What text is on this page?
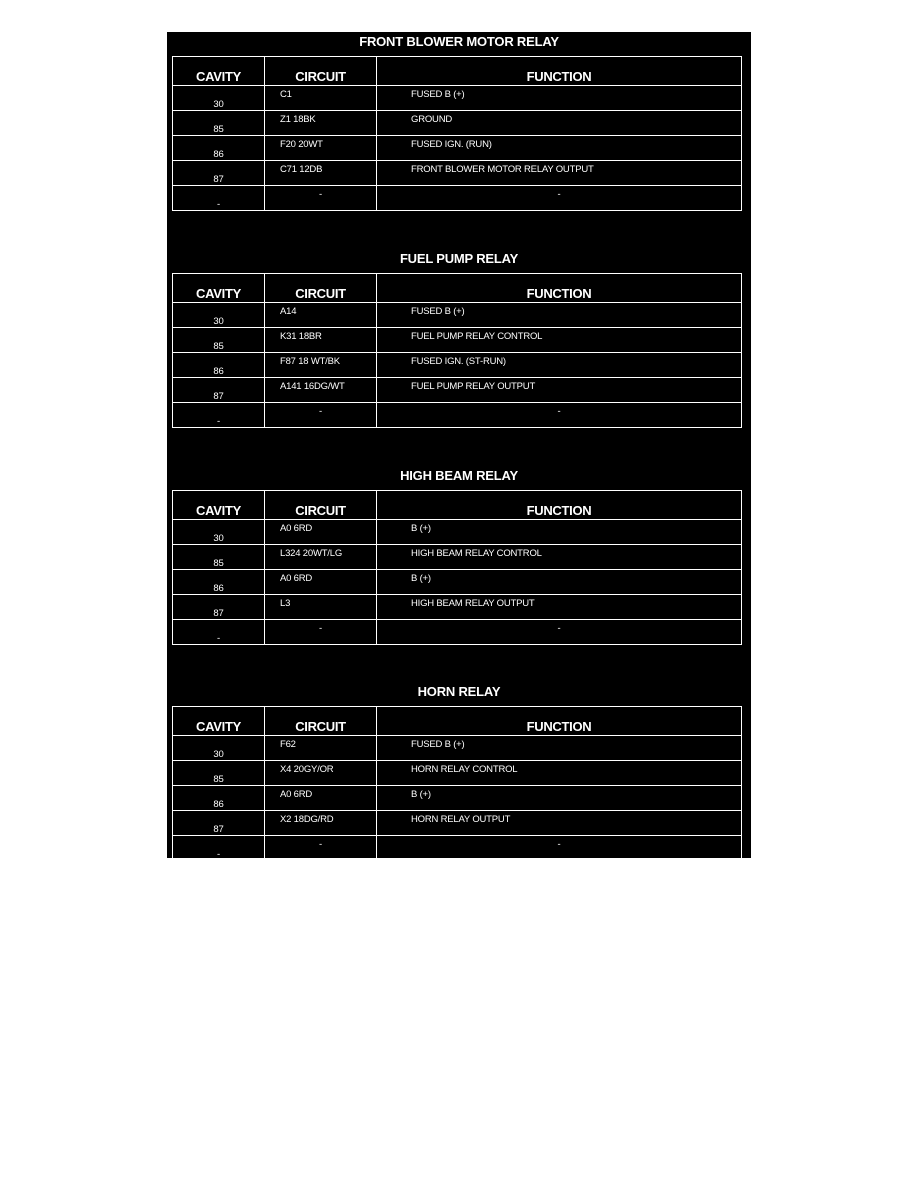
FRONT BLOWER MOTOR RELAY
CAVITY	CIRCUIT	FUNCTION
30	C1	FUSED B (+)
85	Z1 18BK	GROUND
86	F20 20WT	FUSED IGN. (RUN)
87	C71 12DB	FRONT BLOWER MOTOR RELAY OUTPUT
-	-	-
FUEL PUMP RELAY
CAVITY	CIRCUIT	FUNCTION
30	A14	FUSED B (+)
85	K31 18BR	FUEL PUMP RELAY CONTROL
86	F87 18 WT/BK	FUSED IGN. (ST-RUN)
87	A141 16DG/WT	FUEL PUMP RELAY OUTPUT
-	-	-
HIGH BEAM RELAY
CAVITY	CIRCUIT	FUNCTION
30	A0 6RD	B (+)
85	L324 20WT/LG	HIGH BEAM RELAY CONTROL
86	A0 6RD	B (+)
87	L3	HIGH BEAM RELAY OUTPUT
-	-	-
HORN RELAY
CAVITY	CIRCUIT	FUNCTION
30	F62	FUSED B (+)
85	X4 20GY/OR	HORN RELAY CONTROL
86	A0 6RD	B (+)
87	X2 18DG/RD	HORN RELAY OUTPUT
-	-	-
